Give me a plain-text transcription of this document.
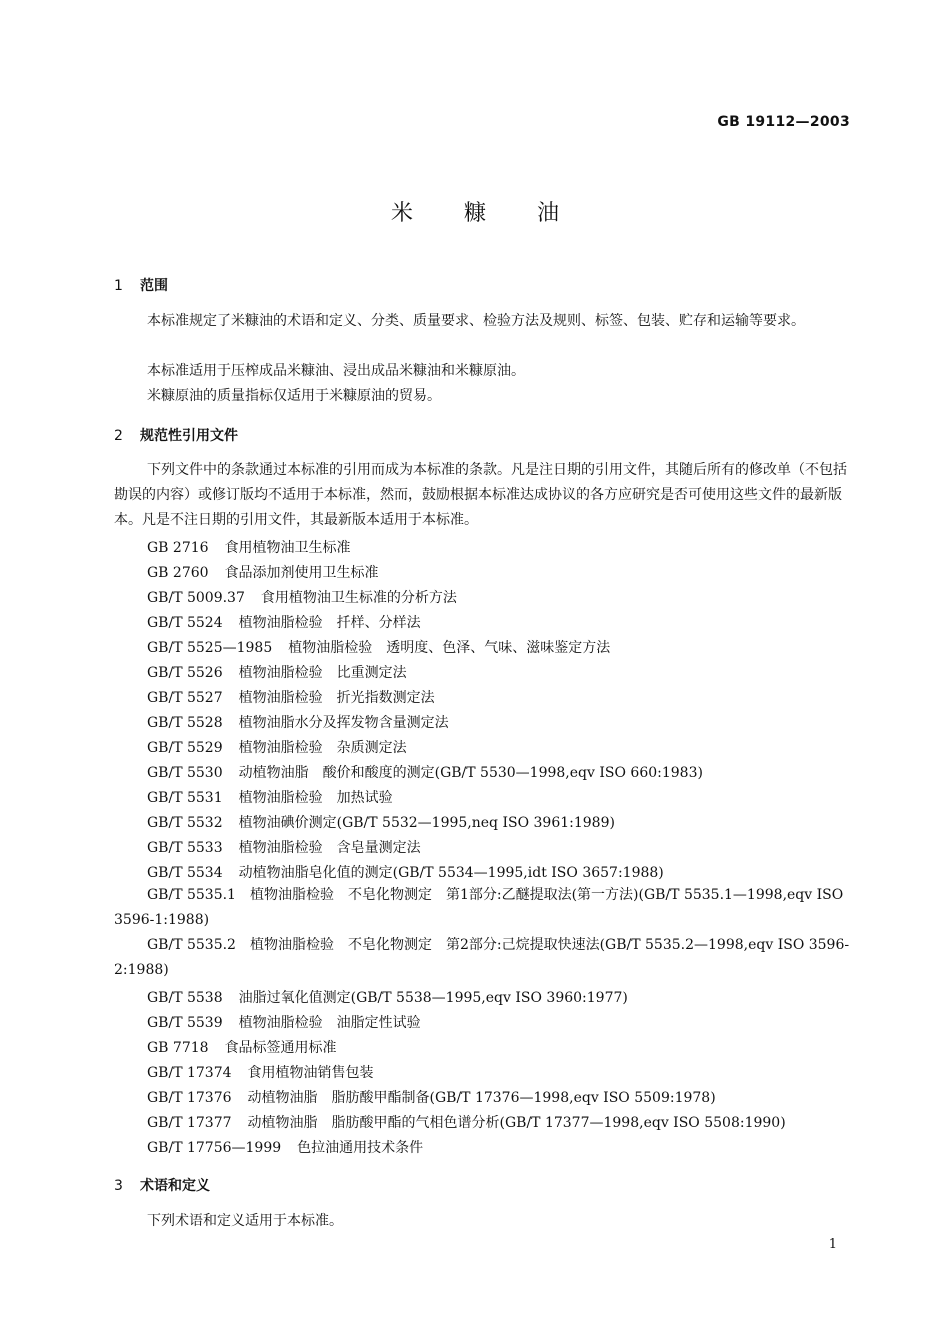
GB 19112—2003
米 糠 油
1 范围
本标准规定了米糠油的术语和定义、分类、质量要求、检验方法及规则、标签、包装、贮存和运输等要求。
本标准适用于压榨成品米糠油、浸出成品米糠油和米糠原油。
米糠原油的质量指标仅适用于米糠原油的贸易。
2 规范性引用文件
下列文件中的条款通过本标准的引用而成为本标准的条款。凡是注日期的引用文件，其随后所有的修改单（不包括勘误的内容）或修订版均不适用于本标准，然而，鼓励根据本标准达成协议的各方应研究是否可使用这些文件的最新版本。凡是不注日期的引用文件，其最新版本适用于本标准。
GB 2716 食用植物油卫生标准
GB 2760 食品添加剂使用卫生标准
GB/T 5009.37 食用植物油卫生标准的分析方法
GB/T 5524 植物油脂检验　扦样、分样法
GB/T 5525—1985 植物油脂检验　透明度、色泽、气味、滋味鉴定方法
GB/T 5526 植物油脂检验　比重测定法
GB/T 5527 植物油脂检验　折光指数测定法
GB/T 5528 植物油脂水分及挥发物含量测定法
GB/T 5529 植物油脂检验　杂质测定法
GB/T 5530 动植物油脂　酸价和酸度的测定(GB/T 5530—1998,eqv ISO 660:1983)
GB/T 5531 植物油脂检验　加热试验
GB/T 5532 植物油碘价测定(GB/T 5532—1995,neq ISO 3961:1989)
GB/T 5533 植物油脂检验　含皂量测定法
GB/T 5534 动植物油脂皂化值的测定(GB/T 5534—1995,idt ISO 3657:1988)
GB/T 5535.1　植物油脂检验　不皂化物测定　第1部分:乙醚提取法(第一方法)(GB/T 5535.1—1998,eqv ISO 3596-1:1988)
GB/T 5535.2　植物油脂检验　不皂化物测定　第2部分:己烷提取快速法(GB/T 5535.2—1998,eqv ISO 3596-2:1988)
GB/T 5538 油脂过氧化值测定(GB/T 5538—1995,eqv ISO 3960:1977)
GB/T 5539 植物油脂检验　油脂定性试验
GB 7718 食品标签通用标准
GB/T 17374 食用植物油销售包装
GB/T 17376 动植物油脂　脂肪酸甲酯制备(GB/T 17376—1998,eqv ISO 5509:1978)
GB/T 17377 动植物油脂　脂肪酸甲酯的气相色谱分析(GB/T 17377—1998,eqv ISO 5508:1990)
GB/T 17756—1999 色拉油通用技术条件
3 术语和定义
下列术语和定义适用于本标准。
1
